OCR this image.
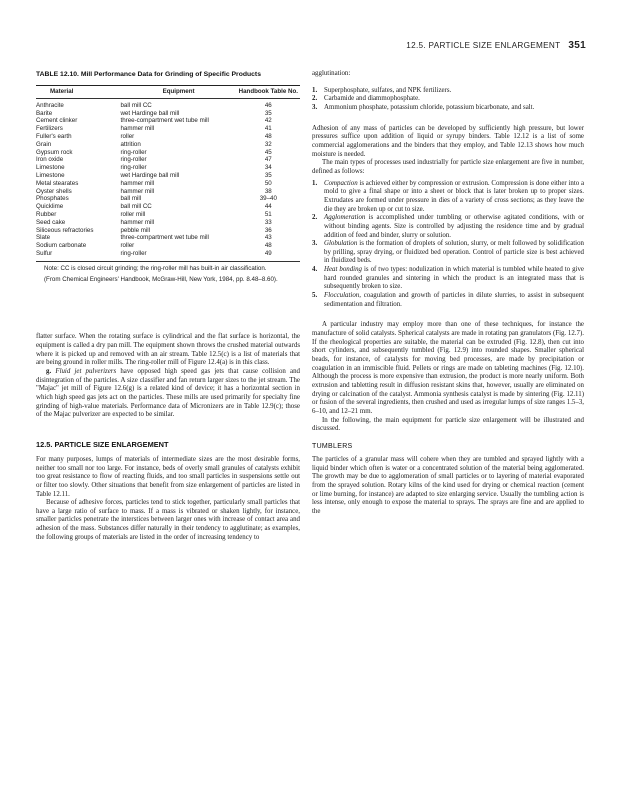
12.5. PARTICLE SIZE ENLARGEMENT 351
TABLE 12.10. Mill Performance Data for Grinding of Specific Products
Material	Equipment	Handbook Table No.

Anthracite	ball mill CC	46
Barite	wet Hardinge ball mill	35
Cement clinker	three-compartment wet tube mill	42
Fertilizers	hammer mill	41
Fuller's earth	roller	48
Grain	attrition	32
Gypsum rock	ring-roller	45
Iron oxide	ring-roller	47
Limestone	ring-roller	34
Limestone	wet Hardinge ball mill	35
Metal stearates	hammer mill	50
Oyster shells	hammer mill	38
Phosphates	ball mill	39–40
Quicklime	ball mill CC	44
Rubber	roller mill	51
Seed cake	hammer mill	33
Siliceous refractories	pebble mill	36
Slate	three-compartment wet tube mill	43
Sodium carbonate	roller	48
Sulfur	ring-roller	49
Note: CC is closed circuit grinding; the ring-roller mill has built-in air classification.
(From Chemical Engineers' Handbook, McGraw-Hill, New York, 1984, pp. 8.48–8.60).

flatter surface. When the rotating surface is cylindrical and the flat surface is horizontal, the equipment is called a dry pan mill. The equipment shown throws the crushed material outwards where it is picked up and removed with an air stream. Table 12.5(c) is a list of materials that are being ground in roller mills. The ring-roller mill of Figure 12.4(a) is in this class.

g. Fluid jet pulverizers have opposed high speed gas jets that cause collision and disintegration of the particles. A size classifier and fan return larger sizes to the jet stream. The "Majac" jet mill of Figure 12.6(g) is a related kind of device; it has a horizontal section in which high speed gas jets act on the particles. These mills are used primarily for specialty fine grinding of high-value materials. Performance data of Micronizers are in Table 12.9(c); those of the Majac pulverizer are expected to be similar.

12.5. PARTICLE SIZE ENLARGEMENT

For many purposes, lumps of materials of intermediate sizes are the most desirable forms, neither too small nor too large. For instance, beds of overly small granules of catalysts exhibit too great resistance to flow of reacting fluids, and too small particles in suspensions settle out or filter too slowly. Other situations that benefit from size enlargement of particles are listed in Table 12.11.

Because of adhesive forces, particles tend to stick together, particularly small particles that have a large ratio of surface to mass. If a mass is vibrated or shaken lightly, for instance, smaller particles penetrate the interstices between larger ones with increase of contact area and adhesion of the mass. Substances differ naturally in their tendency to agglutinate; as examples, the following groups of materials are listed in the order of increasing tendency to

agglutination:

1. Superphosphate, sulfates, and NPK fertilizers.
2. Carbamide and diammophosphate.
3. Ammonium phosphate, potassium chloride, potassium bicarbonate, and salt.

Adhesion of any mass of particles can be developed by sufficiently high pressure, but lower pressures suffice upon addition of liquid or syrupy binders. Table 12.12 is a list of some commercial agglomerations and the binders that they employ, and Table 12.13 shows how much moisture is needed.

The main types of processes used industrially for particle size enlargement are five in number, defined as follows:

1. Compaction is achieved either by compression or extrusion. Compression is done either into a mold to give a final shape or into a sheet or block that is later broken up to proper sizes. Extrudates are formed under pressure in dies of a variety of cross sections; as they leave the die they are broken up or cut to size.
2. Agglomeration is accomplished under tumbling or otherwise agitated conditions, with or without binding agents. Size is controlled by adjusting the residence time and by gradual addition of feed and binder, slurry or solution.
3. Globulation is the formation of droplets of solution, slurry, or melt followed by solidification by prilling, spray drying, or fluidized bed operation. Control of particle size is best achieved in fluidized beds.
4. Heat bonding is of two types: nodulization in which material is tumbled while heated to give hard rounded granules and sintering in which the product is an integrated mass that is subsequently broken to size.
5. Flocculation, coagulation and growth of particles in dilute slurries, to assist in subsequent sedimentation and filtration.

A particular industry may employ more than one of these techniques, for instance the manufacture of solid catalysts. Spherical catalysts are made in rotating pan granulators (Fig. 12.7). If the rheological properties are suitable, the material can be extruded (Fig. 12.8), then cut into short cylinders, and subsequently tumbled (Fig. 12.9) into rounded shapes. Smaller spherical beads, for instance, of catalysts for moving bed processes, are made by precipitation or coagulation in an immiscible fluid. Pellets or rings are made on tableting machines (Fig. 12.10). Although the process is more expensive than extrusion, the product is more nearly uniform. Both extrusion and tabletting result in diffusion resistant skins that, however, usually are eliminated on drying or calcination of the catalyst. Ammonia synthesis catalyst is made by sintering (Fig. 12.11) or fusion of the several ingredients, then crushed and used as irregular lumps of size ranges 1.5–3, 6–10, and 12–21 mm.

In the following, the main equipment for particle size enlargement will be illustrated and discussed.

TUMBLERS

The particles of a granular mass will cohere when they are tumbled and sprayed lightly with a liquid binder which often is water or a concentrated solution of the material being agglomerated. The growth may be due to agglomeration of small particles or to layering of material evaporated from the sprayed solution. Rotary kilns of the kind used for drying or chemical reaction (cement or lime burning, for instance) are adapted to size enlarging service. Usually the tumbling action is less intense, only enough to expose the material to sprays. The sprays are fine and are applied to the
